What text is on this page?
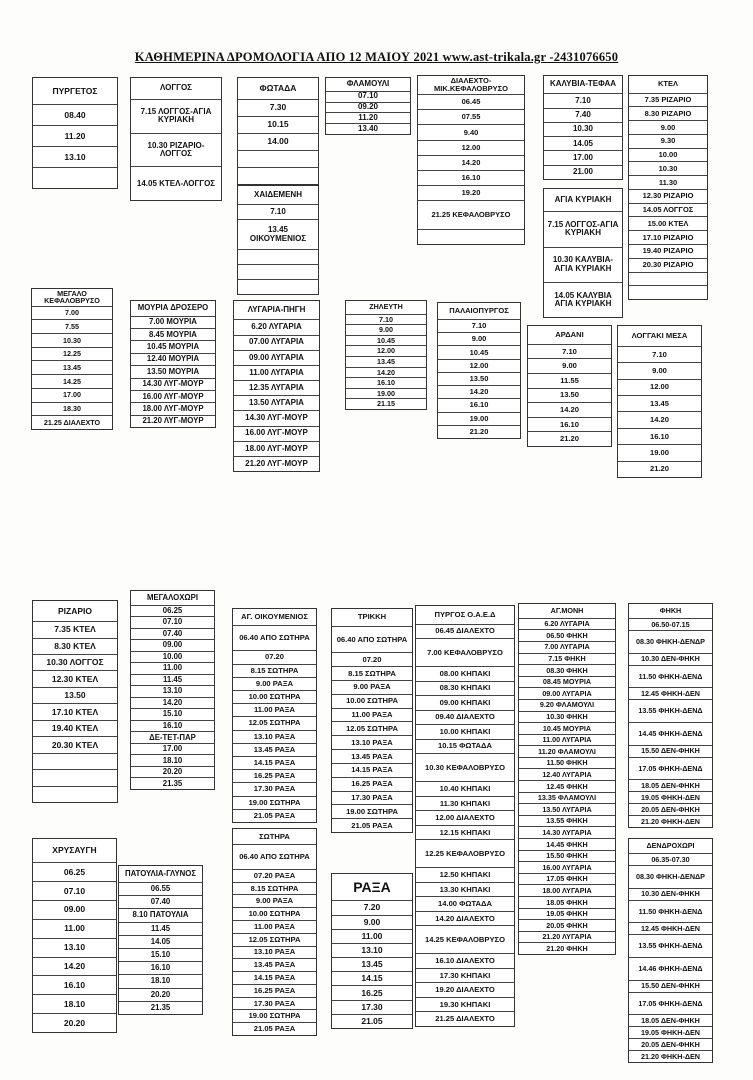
ΚΑΘΗΜΕΡΙΝΑ ΔΡΟΜΟΛΟΓΙΑ ΑΠΟ 12 ΜΑΙΟΥ 2021 www.ast-trikala.gr -2431076650
ΠΥΡΓΕΤΟΣ
08.40
11.20
13.10
ΛΟΓΓΟΣ
7.15 ΛΟΓΓΟΣ-ΑΓΙΑ ΚΥΡΙΑΚΗ
10.30 ΡΙΖΑΡΙΟ-ΛΟΓΓΟΣ
14.05 ΚΤΕΛ-ΛΟΓΓΟΣ
ΦΩΤΑΔΑ
7.30
10.15
14.00
ΧΑΙΔΕΜΕΝΗ
7.10
13.45 ΟΙΚΟΥΜΕΝΙΟΣ
ΦΛΑΜΟΥΛΙ
07.10
09.20
11.20
13.40
ΔΙΑΛΕΧΤΟ-ΜΙΚ.ΚΕΦΑΛΟΒΡΥΣΟ
06.45
07.55
9.40
12.00
14.20
16.10
19.20
21.25 ΚΕΦΑΛΟΒΡΥΣΟ
ΚΑΛΥΒΙΑ-ΤΕΦΑΑ
7.10
7.40
10.30
14.05
17.00
21.00
ΑΓΙΑ ΚΥΡΙΑΚΗ
7.15 ΛΟΓΓΟΣ-ΑΓΙΑ ΚΥΡΙΑΚΗ
10.30 ΚΑΛΥΒΙΑ-ΑΓΙΑ ΚΥΡΙΑΚΗ
14.05 ΚΑΛΥΒΙΑ ΑΓΙΑ ΚΥΡΙΑΚΗ
ΚΤΕΛ
7.35 ΡΙΖΑΡΙΟ
8.30 ΡΙΖΑΡΙΟ
9.00
9.30
10.00
10.30
11.30
12.30 ΡΙΖΑΡΙΟ
14.05 ΛΟΓΓΟΣ
15.00 ΚΤΕΛ
17.10 ΡΙΖΑΡΙΟ
19.40 ΡΙΖΑΡΙΟ
20.30 ΡΙΖΑΡΙΟ
ΜΕΓΑΛΟ ΚΕΦΑΛΟΒΡΥΣΟ
7.00
7.55
10.30
12.25
13.45
14.25
17.00
18.30
21.25 ΔΙΑΛΕΧΤΟ
ΜΟΥΡΙΑ ΔΡΟΣΕΡΟ
7.00 ΜΟΥΡΙΑ
8.45 ΜΟΥΡΙΑ
10.45 ΜΟΥΡΙΑ
12.40 ΜΟΥΡΙΑ
13.50 ΜΟΥΡΙΑ
14.30 ΛΥΓ-ΜΟΥΡ
16.00 ΛΥΓ-ΜΟΥΡ
18.00 ΛΥΓ-ΜΟΥΡ
21.20 ΛΥΓ-ΜΟΥΡ
ΛΥΓΑΡΙΑ-ΠΗΓΗ
6.20 ΛΥΓΑΡΙΑ
07.00 ΛΥΓΑΡΙΑ
09.00 ΛΥΓΑΡΙΑ
11.00 ΛΥΓΑΡΙΑ
12.35 ΛΥΓΑΡΙΑ
13.50 ΛΥΓΑΡΙΑ
14.30 ΛΥΓ-ΜΟΥΡ
16.00 ΛΥΓ-ΜΟΥΡ
18.00 ΛΥΓ-ΜΟΥΡ
21.20 ΛΥΓ-ΜΟΥΡ
ΖΗΛΕΥΤΗ
7.10
9.00
10.45
12.00
13.45
14.20
16.10
19.00
21.15
ΠΑΛΑΙΟΠΥΡΓΟΣ
7.10
9.00
10.45
12.00
13.50
14.20
16.10
19.00
21.20
ΑΡΔΑΝΙ
7.10
9.00
11.55
13.50
14.20
16.10
21.20
ΛΟΓΓΑΚΙ ΜΕΣΑ
7.10
9.00
12.00
13.45
14.20
16.10
19.00
21.20
ΡΙΖΑΡΙΟ
7.35 ΚΤΕΛ
8.30 ΚΤΕΛ
10.30 ΛΟΓΓΟΣ
12.30 ΚΤΕΛ
13.50
17.10 ΚΤΕΛ
19.40 ΚΤΕΛ
20.30 ΚΤΕΛ
ΜΕΓΑΛΟΧΩΡΙ
06.25
07.10
07.40
09.00
10.00
11.00
11.45
13.10
14.20
15.10
16.10
ΔΕ-ΤΕΤ-ΠΑΡ
17.00
18.10
20.20
21.35
ΑΓ. ΟΙΚΟΥΜΕΝΙΟΣ
06.40 ΑΠΟ ΣΩΤΗΡΑ
07.20
8.15 ΣΩΤΗΡΑ
9.00 ΡΑΞΑ
10.00 ΣΩΤΗΡΑ
11.00 ΡΑΞΑ
12.05 ΣΩΤΗΡΑ
13.10 ΡΑΞΑ
13.45 ΡΑΞΑ
14.15 ΡΑΞΑ
16.25 ΡΑΞΑ
17.30 ΡΑΞΑ
19.00 ΣΩΤΗΡΑ
21.05 ΡΑΞΑ
ΣΩΤΗΡΑ
06.40 ΑΠΟ ΣΩΤΗΡΑ
07.20 ΡΑΞΑ
8.15 ΣΩΤΗΡΑ
9.00 ΡΑΞΑ
10.00 ΣΩΤΗΡΑ
11.00 ΡΑΞΑ
12.05 ΣΩΤΗΡΑ
13.10 ΡΑΞΑ
13.45 ΡΑΞΑ
14.15 ΡΑΞΑ
16.25 ΡΑΞΑ
17.30 ΡΑΞΑ
19.00 ΣΩΤΗΡΑ
21.05 ΡΑΞΑ
ΤΡΙΚΚΗ
06.40 ΑΠΟ ΣΩΤΗΡΑ
07.20
8.15 ΣΩΤΗΡΑ
9.00 ΡΑΞΑ
10.00 ΣΩΤΗΡΑ
11.00 ΡΑΞΑ
12.05 ΣΩΤΗΡΑ
13.10 ΡΑΞΑ
13.45 ΡΑΞΑ
14.15 ΡΑΞΑ
16.25 ΡΑΞΑ
17.30 ΡΑΞΑ
19.00 ΣΩΤΗΡΑ
21.05 ΡΑΞΑ
ΡΑΞΑ
7.20
9.00
11.00
13.10
13.45
14.15
16.25
17.30
21.05
ΠΥΡΓΟΣ Ο.Α.Ε.Δ
06.45 ΔΙΑΛΕΧΤΟ
7.00 ΚΕΦΑΛΟΒΡΥΣΟ
08.00 ΚΗΠΑΚΙ
08.30 ΚΗΠΑΚΙ
09.00 ΚΗΠΑΚΙ
09.40 ΔΙΑΛΕΧΤΟ
10.00 ΚΗΠΑΚΙ
10.15 ΦΩΤΑΔΑ
10.30 ΚΕΦΑΛΟΒΡΥΣΟ
10.40 ΚΗΠΑΚΙ
11.30 ΚΗΠΑΚΙ
12.00 ΔΙΑΛΕΧΤΟ
12.15 ΚΗΠΑΚΙ
12.25 ΚΕΦΑΛΟΒΡΥΣΟ
12.50 ΚΗΠΑΚΙ
13.30 ΚΗΠΑΚΙ
14.00 ΦΩΤΑΔΑ
14.20 ΔΙΑΛΕΧΤΟ
14.25 ΚΕΦΑΛΟΒΡΥΣΟ
16.10 ΔΙΑΛΕΧΤΟ
17.30 ΚΗΠΑΚΙ
19.20 ΔΙΑΛΕΧΤΟ
19.30 ΚΗΠΑΚΙ
21.25 ΔΙΑΛΕΧΤΟ
ΑΓ.ΜΟΝΗ
6.20 ΛΥΓΑΡΙΑ
06.50 ΦΗΚΗ
7.00 ΛΥΓΑΡΙΑ
7.15 ΦΗΚΗ
08.30 ΦΗΚΗ
08.45 ΜΟΥΡΙΑ
09.00 ΛΥΓΑΡΙΑ
9.20 ΦΛΑΜΟΥΛΙ
10.30 ΦΗΚΗ
10.45 ΜΟΥΡΙΑ
11.00 ΛΥΓΑΡΙΑ
11.20 ΦΛΑΜΟΥΛΙ
11.50 ΦΗΚΗ
12.40 ΛΥΓΑΡΙΑ
12.45 ΦΗΚΗ
13.35 ΦΛΑΜΟΥΛΙ
13.50 ΛΥΓΑΡΙΑ
13.55 ΦΗΚΗ
14.30 ΛΥΓΑΡΙΑ
14.45 ΦΗΚΗ
15.50 ΦΗΚΗ
16.00 ΛΥΓΑΡΙΑ
17.05 ΦΗΚΗ
18.00 ΛΥΓΑΡΙΑ
18.05 ΦΗΚΗ
19.05 ΦΗΚΗ
20.05 ΦΗΚΗ
21.20 ΛΥΓΑΡΙΑ
21.20 ΦΗΚΗ
ΦΗΚΗ
06.50-07.15
08.30 ΦΗΚΗ-ΔΕΝΔΡ
10.30 ΔΕΝ-ΦΗΚΗ
11.50 ΦΗΚΗ-ΔΕΝΔ
12.45 ΦΗΚΗ-ΔΕΝ
13.55 ΦΗΚΗ-ΔΕΝΔ
14.45 ΦΗΚΗ-ΔΕΝΔ
15.50 ΔΕΝ-ΦΗΚΗ
17.05 ΦΗΚΗ-ΔΕΝΔ
18.05 ΔΕΝ-ΦΗΚΗ
19.05 ΦΗΚΗ-ΔΕΝ
20.05 ΔΕΝ-ΦΗΚΗ
21.20 ΦΗΚΗ-ΔΕΝ
ΧΡΥΣΑΥΓΗ
06.25
07.10
09.00
11.00
13.10
14.20
16.10
18.10
20.20
ΠΑΤΟΥΛΙΑ-ΓΛΥΝΟΣ
06.55
07.40
8.10 ΠΑΤΟΥΛΙΑ
11.45
14.05
15.10
16.10
18.10
20.20
21.35
ΔΕΝΔΡΟΧΩΡΙ
06.35-07.30
08.30 ΦΗΚΗ-ΔΕΝΔΡ
10.30 ΔΕΝ-ΦΗΚΗ
11.50 ΦΗΚΗ-ΔΕΝΔ
12.45 ΦΗΚΗ-ΔΕΝ
13.55 ΦΗΚΗ-ΔΕΝΔ
14.46 ΦΗΚΗ-ΔΕΝΔ
15.50 ΔΕΝ-ΦΗΚΗ
17.05 ΦΗΚΗ-ΔΕΝΔ
18.05 ΔΕΝ-ΦΗΚΗ
19.05 ΦΗΚΗ-ΔΕΝ
20.05 ΔΕΝ-ΦΗΚΗ
21.20 ΦΗΚΗ-ΔΕΝ
